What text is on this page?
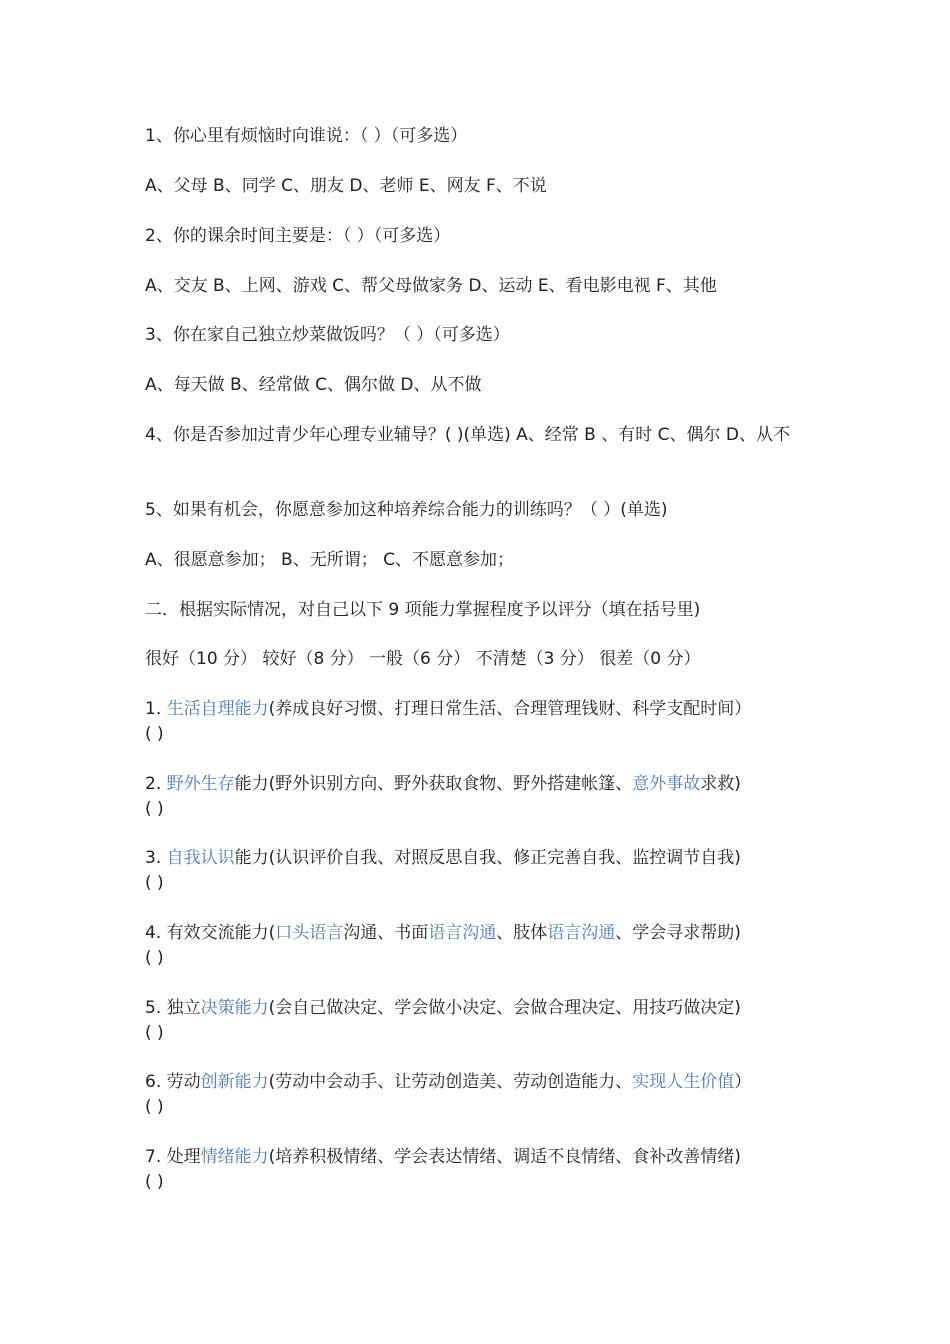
1、你心里有烦恼时向谁说：（ ）（可多选）
A、父母 B、同学 C、朋友 D、老师 E、网友 F、不说
2、你的课余时间主要是：（ ）（可多选）
A、交友 B、上网、游戏 C、帮父母做家务 D、运动 E、看电影电视 F、其他
3、你在家自己独立炒菜做饭吗？（ ）（可多选）
A、每天做 B、经常做 C、偶尔做 D、从不做
4、你是否参加过青少年心理专业辅导？( )(单选) A、经常 B 、有时 C、偶尔 D、从不
5、如果有机会，你愿意参加这种培养综合能力的训练吗？（ ）(单选)
A、很愿意参加； B、无所谓； C、不愿意参加；
二．根据实际情况，对自己以下 9 项能力掌握程度予以评分（填在括号里)
很好（10 分） 较好（8 分） 一般（6 分） 不清楚（3 分） 很差（0 分）
1. 生活自理能力(养成良好习惯、打理日常生活、合理管理钱财、科学支配时间）
( )
2. 野外生存能力(野外识别方向、野外获取食物、野外搭建帐篷、意外事故求救)
( )
3. 自我认识能力(认识评价自我、对照反思自我、修正完善自我、监控调节自我)
( )
4. 有效交流能力(口头语言沟通、书面语言沟通、肢体语言沟通、学会寻求帮助)
( )
5. 独立决策能力(会自己做决定、学会做小决定、会做合理决定、用技巧做决定)
( )
6. 劳动创新能力(劳动中会动手、让劳动创造美、劳动创造能力、实现人生价值）
( )
7. 处理情绪能力(培养积极情绪、学会表达情绪、调适不良情绪、食补改善情绪)
( )
